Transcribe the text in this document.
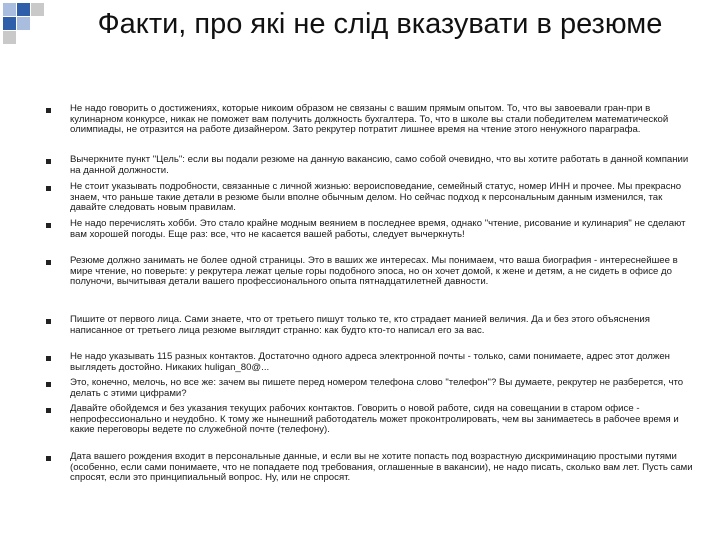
Факти, про які не слід вказувати в резюме
Не надо говорить о достижениях, которые никоим образом не связаны с вашим прямым опытом. То, что вы завоевали гран-при в кулинарном конкурсе, никак не поможет вам получить должность бухгалтера. То, что в школе вы стали победителем математической олимпиады, не отразится на работе дизайнером. Зато рекрутер потратит лишнее время на чтение этого ненужного параграфа.
Вычеркните пункт "Цель": если вы подали резюме на данную вакансию, само собой очевидно, что вы хотите работать в данной компании на данной должности.
Не стоит указывать подробности, связанные с личной жизнью: вероисповедание, семейный статус, номер ИНН и прочее. Мы прекрасно знаем, что раньше такие детали в резюме были вполне обычным делом. Но сейчас подход к персональным данным изменился, так давайте следовать новым правилам.
Не надо перечислять хобби. Это стало крайне модным веянием в последнее время, однако "чтение, рисование и кулинария" не сделают вам хорошей погоды. Еще раз: все, что не касается вашей работы, следует вычеркнуть!
Резюме должно занимать не более одной страницы. Это в ваших же интересах. Мы понимаем, что ваша биография - интереснейшее в мире чтение, но поверьте: у рекрутера лежат целые горы подобного эпоса, но он хочет домой, к жене и детям, а не сидеть в офисе до полуночи, вычитывая детали вашего профессионального опыта пятнадцатилетней давности.
Пишите от первого лица. Сами знаете, что от третьего пишут только те, кто страдает манией величия. Да и без этого объяснения написанное от третьего лица резюме выглядит странно: как будто кто-то написал его за вас.
Не надо указывать 115 разных контактов. Достаточно одного адреса электронной почты - только, сами понимаете, адрес этот должен выглядеть достойно. Никаких huligan_80@...
Это, конечно, мелочь, но все же: зачем вы пишете перед номером телефона слово "телефон"? Вы думаете, рекрутер не разберется, что делать с этими цифрами?
Давайте обойдемся и без указания текущих рабочих контактов. Говорить о новой работе, сидя на совещании в старом офисе - непрофессионально и неудобно. К тому же нынешний работодатель может проконтролировать, чем вы занимаетесь в рабочее время и какие переговоры ведете по служебной почте (телефону).
Дата вашего рождения входит в персональные данные, и если вы не хотите попасть под возрастную дискриминацию простыми путями (особенно, если сами понимаете, что не попадаете под требования, оглашенные в вакансии), не надо писать, сколько вам лет. Пусть сами спросят, если это принципиальный вопрос. Ну, или не спросят.
